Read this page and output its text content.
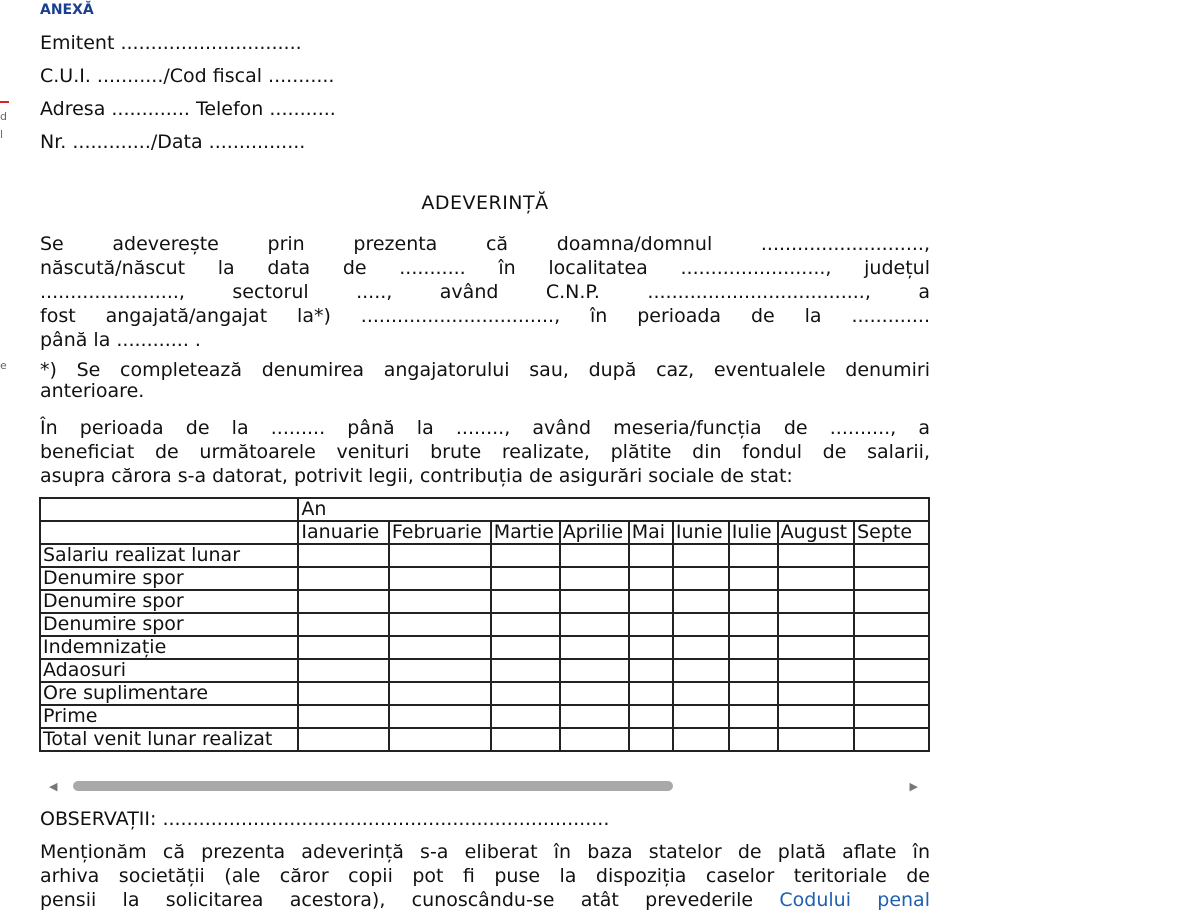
d
l
e
ANEXĂ
Emitent ..............................
C.U.I. .........../Cod fiscal ...........
Adresa ............. Telefon ...........
Nr. ............./Data ................
ADEVERINȚĂ
Se adeverește prin prezenta că doamna/domnul ...........................,
născută/născut la data de ........... în localitatea ........................, județul
......................., sectorul ....., având C.N.P. ...................................., a
fost angajată/angajat la*) ................................, în perioada de la .............
până la ............ .
*) Se completează denumirea angajatorului sau, după caz, eventualele denumiri
anterioare.
În perioada de la ......... până la ........, având meseria/funcția de .........., a
beneficiat de următoarele venituri brute realizate, plătite din fondul de salarii,
asupra cărora s-a datorat, potrivit legii, contribuția de asigurări sociale de stat:
	An								
	Ianuarie	Februarie	Martie	Aprilie	Mai	Iunie	Iulie	August	Septe
Salariu realizat lunar									
Denumire spor									
Denumire spor									
Denumire spor									
Indemnizație									
Adaosuri									
Ore suplimentare									
Prime									
Total venit lunar realizat									
◀	▶
OBSERVAȚII: ..........................................................................
Menționăm că prezenta adeverință s-a eliberat în baza statelor de plată aflate în
arhiva societății (ale căror copii pot fi puse la dispoziția caselor teritoriale de
pensii la solicitarea acestora), cunoscându-se atât prevederile Codului penal
